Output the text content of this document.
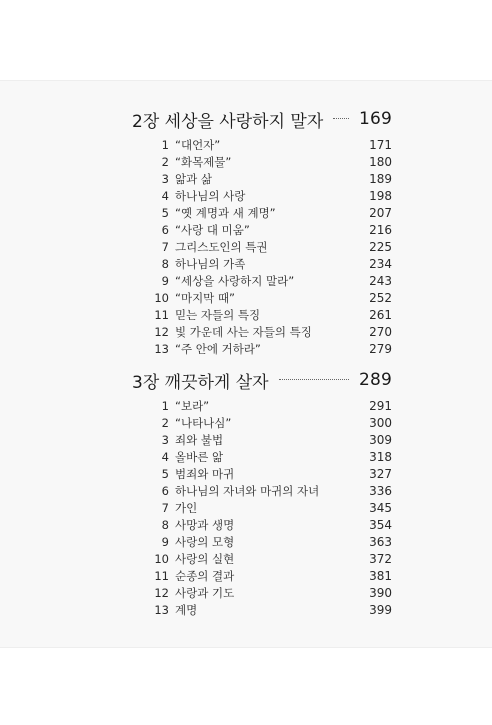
2장 세상을 사랑하지 말자 169
1 “대언자”	171
2 “화목제물”	180
3 앎과 삶	189
4 하나님의 사랑	198
5 “옛 계명과 새 계명”	207
6 “사랑 대 미움”	216
7 그리스도인의 특권	225
8 하나님의 가족	234
9 “세상을 사랑하지 말라”	243
10 “마지막 때”	252
11 믿는 자들의 특징	261
12 빛 가운데 사는 자들의 특징	270
13 “주 안에 거하라”	279
3장 깨끗하게 살자	289
1 “보라”	291
2 “나타나심”	300
3 죄와 불법	309
4 올바른 앎	318
5 범죄와 마귀	327
6 하나님의 자녀와 마귀의 자녀	336
7 가인	345
8 사망과 생명	354
9 사랑의 모형	363
10 사랑의 실현	372
11 순종의 결과	381
12 사랑과 기도	390
13 계명	399
